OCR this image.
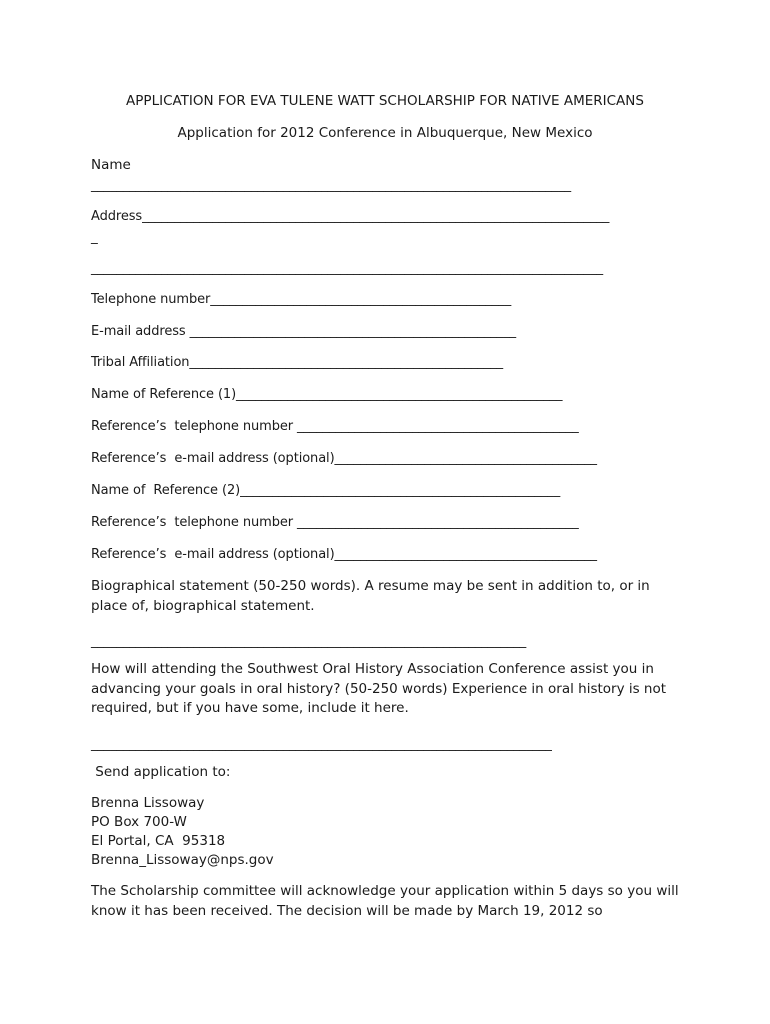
APPLICATION FOR EVA TULENE WATT SCHOLARSHIP FOR NATIVE AMERICANS
Application for 2012 Conference in Albuquerque, New Mexico
Name
___________________________________________________________________________
Address_________________________________________________________________________
_
________________________________________________________________________________
Telephone number_______________________________________________
E-mail address ___________________________________________________
Tribal Affiliation_________________________________________________
Name of Reference (1)___________________________________________________
Reference’s  telephone number ____________________________________________
Reference’s  e-mail address (optional)_________________________________________
Name of  Reference (2)__________________________________________________
Reference’s  telephone number ____________________________________________
Reference’s  e-mail address (optional)_________________________________________
Biographical statement (50-250 words). A resume may be sent in addition to, or in place of, biographical statement.
____________________________________________________________________
How will attending the Southwest Oral History Association Conference assist you in advancing your goals in oral history? (50-250 words) Experience in oral history is not required, but if you have some, include it here.
________________________________________________________________________
Send application to:
Brenna Lissoway
PO Box 700-W
El Portal, CA  95318
Brenna_Lissoway@nps.gov
The Scholarship committee will acknowledge your application within 5 days so you will know it has been received. The decision will be made by March 19, 2012 so
